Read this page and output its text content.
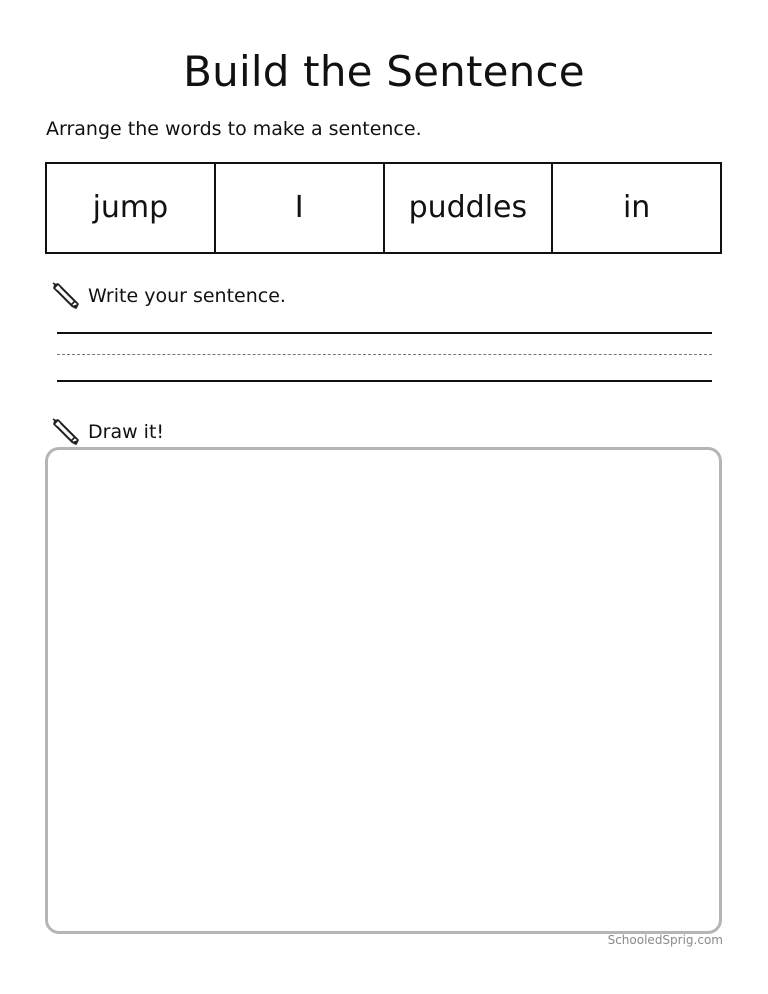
Build the Sentence
Arrange the words to make a sentence.
jump	I	puddles	in
Write your sentence.
Draw it!
SchooledSprig.com
